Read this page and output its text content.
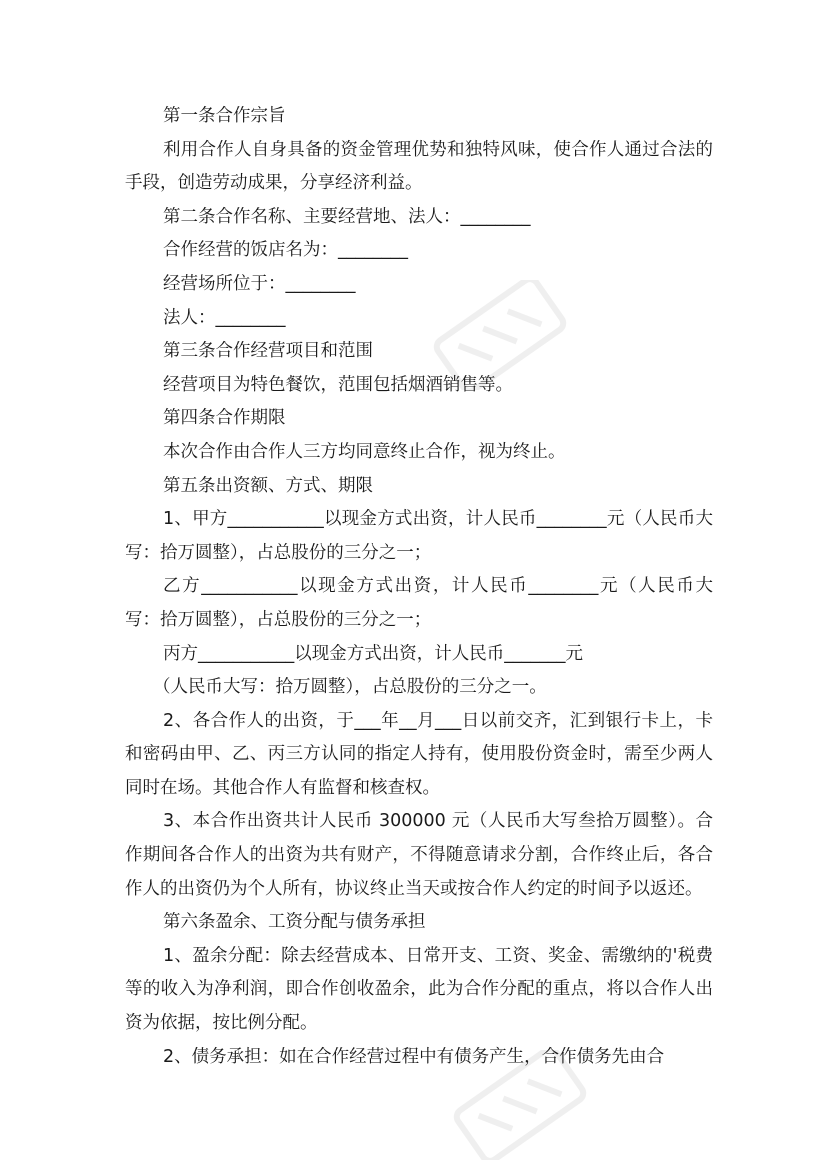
第一条合作宗旨

利用合作人自身具备的资金管理优势和独特风味，使合作人通过合法的手段，创造劳动成果，分享经济利益。

第二条合作名称、主要经营地、法人：________

合作经营的饭店名为：________

经营场所位于：________

法人：________

第三条合作经营项目和范围

经营项目为特色餐饮，范围包括烟酒销售等。

第四条合作期限

本次合作由合作人三方均同意终止合作，视为终止。

第五条出资额、方式、期限

1、甲方___________以现金方式出资，计人民币________元（人民币大写：拾万圆整），占总股份的三分之一；

乙方___________以现金方式出资，计人民币________元（人民币大写：拾万圆整），占总股份的三分之一；

丙方___________以现金方式出资，计人民币_______元

（人民币大写：拾万圆整），占总股份的三分之一。

2、各合作人的出资，于___年__月___日以前交齐，汇到银行卡上，卡和密码由甲、乙、丙三方认同的指定人持有，使用股份资金时，需至少两人同时在场。其他合作人有监督和核查权。

3、本合作出资共计人民币 300000 元（人民币大写叁拾万圆整）。合作期间各合作人的出资为共有财产，不得随意请求分割，合作终止后，各合作人的出资仍为个人所有，协议终止当天或按合作人约定的时间予以返还。

第六条盈余、工资分配与债务承担

1、盈余分配：除去经营成本、日常开支、工资、奖金、需缴纳的'税费等的收入为净利润，即合作创收盈余，此为合作分配的重点，将以合作人出资为依据，按比例分配。

2、债务承担：如在合作经营过程中有债务产生，合作债务先由合
